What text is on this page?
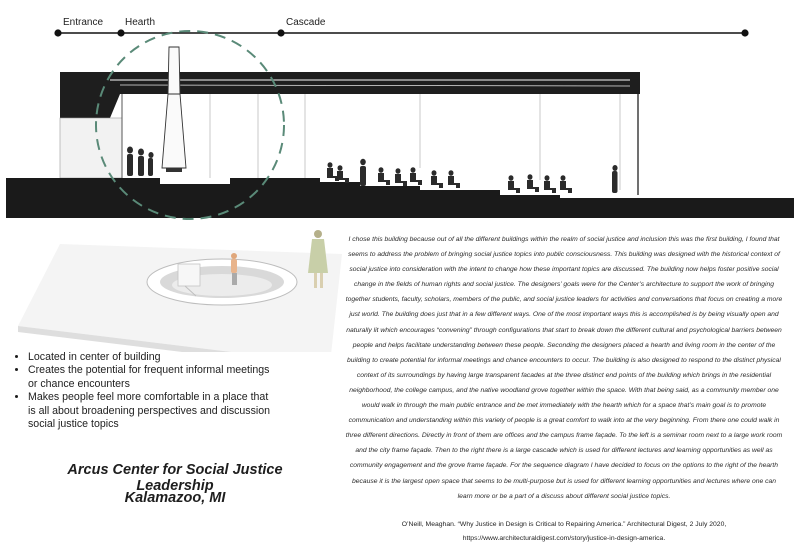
Entrance Hearth	Cascade
• Located in center of building
• Creates the potential for frequent informal meetings or chance encounters
• Makes people feel more comfortable in a place that is all about broadening perspectives and discussion social justice topics
Arcus Center for Social Justice Leadership
Kalamazoo, MI
I chose this building because out of all the different buildings within the realm of social justice and inclusion this was the first building, I found that seems to address the problem of bringing social justice topics into public consciousness. This building was designed with the historical context of social justice into consideration with the intent to change how these important topics are discussed. The building now helps foster positive social change in the fields of human rights and social justice. The designers’ goals were for the Center’s architecture to support the work of bringing together students, faculty, scholars, members of the public, and social justice leaders for activities and conversations that focus on creating a more just world. The building does just that in a few different ways. One of the most important ways this is accomplished is by being visually open and naturally lit which encourages “convening” through configurations that start to break down the different cultural and psychological barriers between people and helps facilitate understanding between these people. Seconding the designers placed a hearth and living room in the center of the building to create potential for informal meetings and chance encounters to occur. The building is also designed to respond to the distinct physical context of its surroundings by having large transparent facades at the three distinct end points of the building which brings in the residential neighborhood, the college campus, and the native woodland grove together within the space. With that being said, as a community member one would walk in through the main public entrance and be met immediately with the hearth which for a space that’s main goal is to promote communication and understanding within this variety of people is a great comfort to walk into at the very beginning. From there one could walk in three different directions. Directly in front of them are offices and the campus frame façade. To the left is a seminar room next to a large work room and the city frame façade. Then to the right there is a large cascade which is used for different lectures and learning opportunities as well as community engagement and the grove frame façade. For the sequence diagram I have decided to focus on the options to the right of the hearth because it is the largest open space that seems to be multi-purpose but is used for different learning opportunities and lectures where one can learn more or be a part of a discuss about different social justice topics.
O’Neill, Meaghan. “Why Justice in Design is Critical to Repairing America.” Architectural Digest, 2 July 2020,
https://www.architecturaldigest.com/story/justice-in-design-america.
